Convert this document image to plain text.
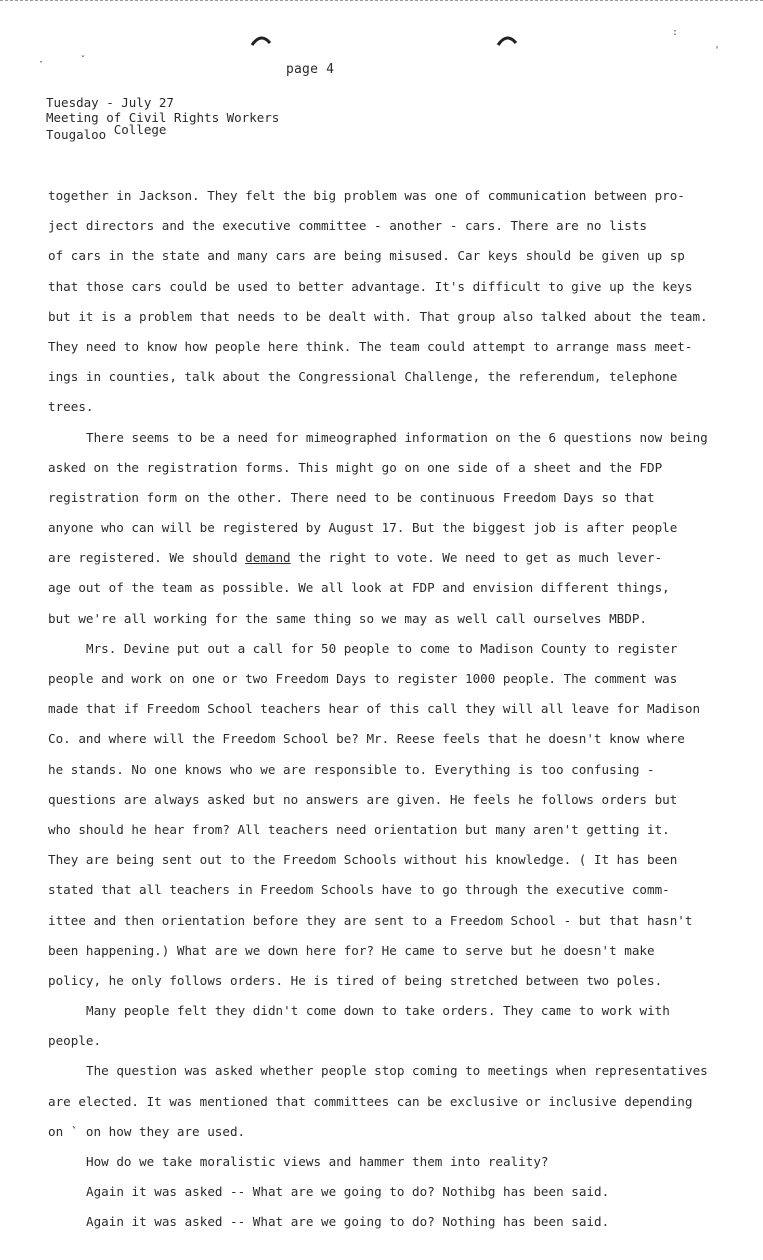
·	ˇ
:
'
page 4
Tuesday - July 27
Meeting of Civil Rights Workers
Tougaloo College
together in Jackson. They felt the big problem was one of communication between pro-
ject directors and the executive committee - another - cars. There are no lists
of cars in the state and many cars are being misused. Car keys should be given up sp
that those cars could be used to better advantage. It's difficult to give up the keys
but it is a problem that needs to be dealt with. That group also talked about the team.
They need to know how people here think. The team could attempt to arrange mass meet-
ings in counties, talk about the Congressional Challenge, the referendum, telephone
trees.
There seems to be a need for mimeographed information on the 6 questions now being
asked on the registration forms. This might go on one side of a sheet and the FDP
registration form on the other. There need to be continuous Freedom Days so that
anyone who can will be registered by August 17. But the biggest job is after people
are registered. We should demand the right to vote. We need to get as much lever-
age out of the team as possible. We all look at FDP and envision different things,
but we're all working for the same thing so we may as well call ourselves MBDP.
Mrs. Devine put out a call for 50 people to come to Madison County to register
people and work on one or two Freedom Days to register 1000 people. The comment was
made that if Freedom School teachers hear of this call they will all leave for Madison
Co. and where will the Freedom School be? Mr. Reese feels that he doesn't know where
he stands. No one knows who we are responsible to. Everything is too confusing -
questions are always asked but no answers are given. He feels he follows orders but
who should he hear from? All teachers need orientation but many aren't getting it.
They are being sent out to the Freedom Schools without his knowledge. ( It has been
stated that all teachers in Freedom Schools have to go through the executive comm-
ittee and then orientation before they are sent to a Freedom School - but that hasn't
been happening.) What are we down here for? He came to serve but he doesn't make
policy, he only follows orders. He is tired of being stretched between two poles.
Many people felt they didn't come down to take orders. They came to work with
people.
The question was asked whether people stop coming to meetings when representatives
are elected. It was mentioned that committees can be exclusive or inclusive depending
on ` on how they are used.
How do we take moralistic views and hammer them into reality?
Again it was asked -- What are we going to do? Nothibg has been said.
Again it was asked -- What are we going to do? Nothing has been said.
